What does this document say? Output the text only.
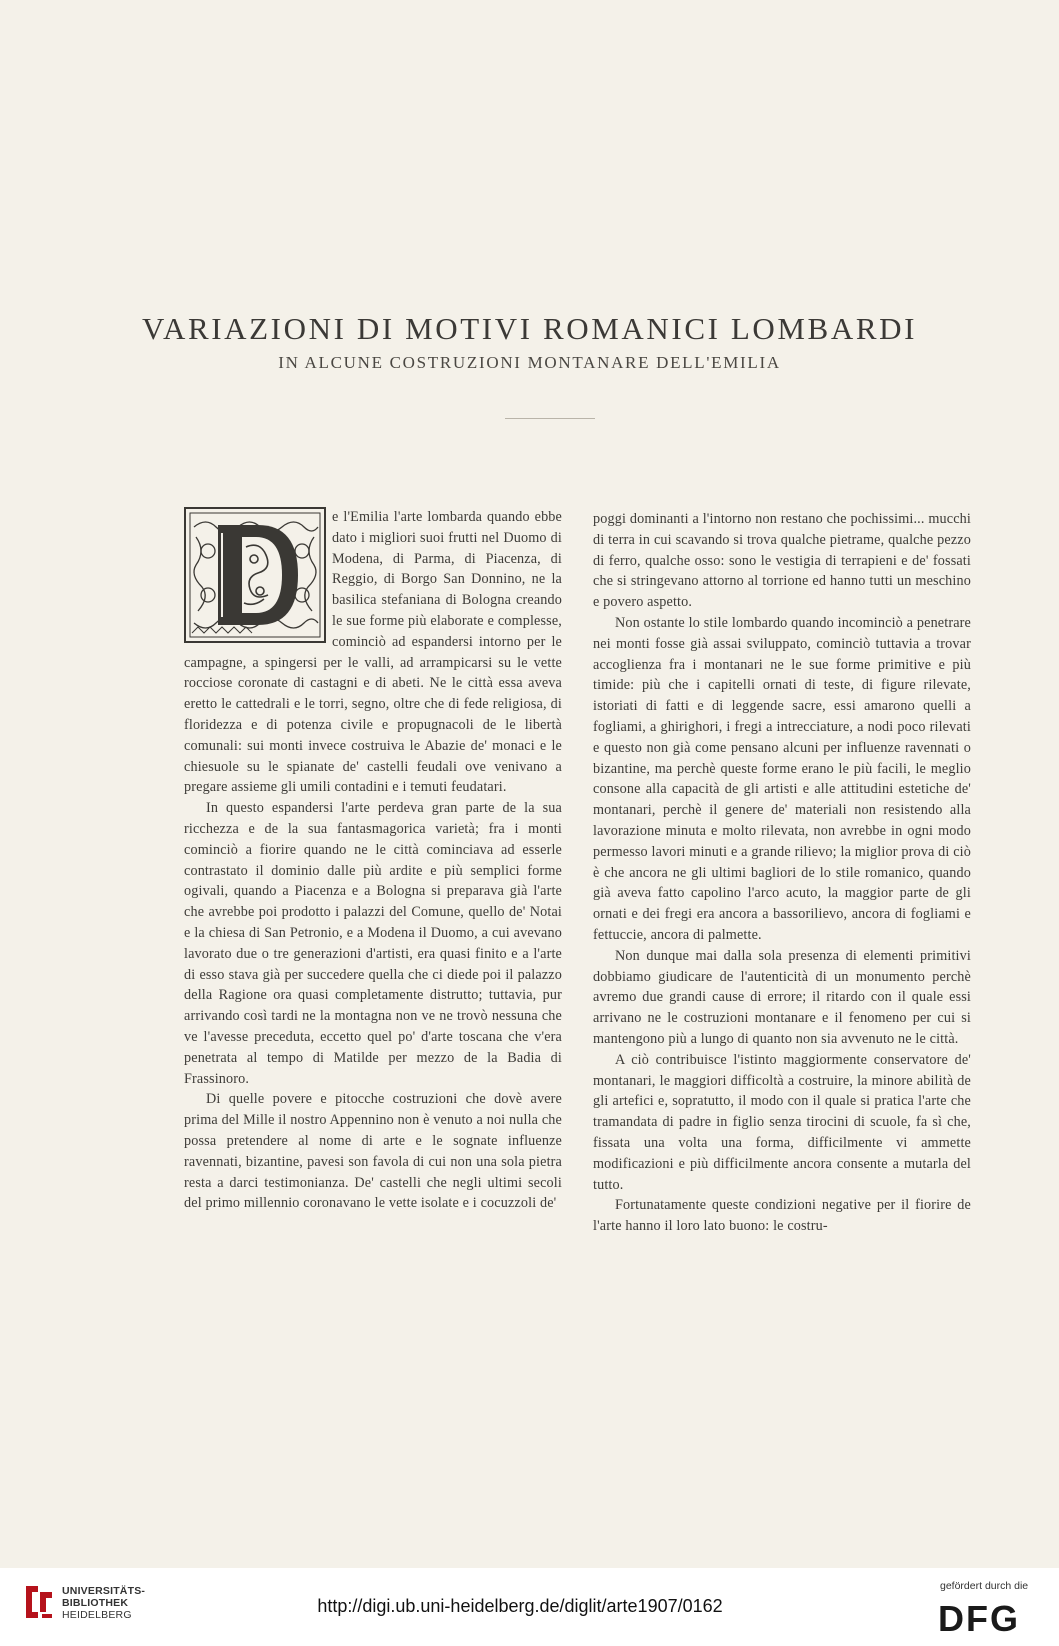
VARIAZIONI DI MOTIVI ROMANICI LOMBARDI
IN ALCUNE COSTRUZIONI MONTANARE DELL'EMILIA

e l'Emilia l'arte lombarda quando ebbe dato i migliori suoi frutti nel Duomo di Modena, di Parma, di Piacenza, di Reggio, di Borgo San Donnino, ne la basilica stefaniana di Bologna creando le sue forme più elaborate e complesse, cominciò ad espandersi intorno per le campagne, a spingersi per le valli, ad arrampicarsi su le vette rocciose coronate di castagni e di abeti. Ne le città essa aveva eretto le cattedrali e le torri, segno, oltre che di fede religiosa, di floridezza e di potenza civile e propugnacoli de le libertà comunali: sui monti invece costruiva le Abazie de' monaci e le chiesuole su le spianate de' castelli feudali ove venivano a pregare assieme gli umili contadini e i temuti feudatari.

In questo espandersi l'arte perdeva gran parte de la sua ricchezza e de la sua fantasmagorica varietà; fra i monti cominciò a fiorire quando ne le città cominciava ad esserle contrastato il dominio dalle più ardite e più semplici forme ogivali, quando a Piacenza e a Bologna si preparava già l'arte che avrebbe poi prodotto i palazzi del Comune, quello de' Notai e la chiesa di San Petronio, e a Modena il Duomo, a cui avevano lavorato due o tre generazioni d'artisti, era quasi finito e a l'arte di esso stava già per succedere quella che ci diede poi il palazzo della Ragione ora quasi completamente distrutto; tuttavia, pur arrivando così tardi ne la montagna non ve ne trovò nessuna che ve l'avesse preceduta, eccetto quel po' d'arte toscana che v'era penetrata al tempo di Matilde per mezzo de la Badia di Frassinoro.

Di quelle povere e pitocche costruzioni che dovè avere prima del Mille il nostro Appennino non è venuto a noi nulla che possa pretendere al nome di arte e le sognate influenze ravennati, bizantine, pavesi son favola di cui non una sola pietra resta a darci testimonianza. De' castelli che negli ultimi secoli del primo millennio coronavano le vette isolate e i cocuzzoli de'

poggi dominanti a l'intorno non restano che pochissimi... mucchi di terra in cui scavando si trova qualche pietrame, qualche pezzo di ferro, qualche osso: sono le vestigia di terrapieni e de' fossati che si stringevano attorno al torrione ed hanno tutti un meschino e povero aspetto.

Non ostante lo stile lombardo quando incominciò a penetrare nei monti fosse già assai sviluppato, cominciò tuttavia a trovar accoglienza fra i montanari ne le sue forme primitive e più timide: più che i capitelli ornati di teste, di figure rilevate, istoriati di fatti e di leggende sacre, essi amarono quelli a fogliami, a ghirighori, i fregi a intrecciature, a nodi poco rilevati e questo non già come pensano alcuni per influenze ravennati o bizantine, ma perchè queste forme erano le più facili, le meglio consone alla capacità de gli artisti e alle attitudini estetiche de' montanari, perchè il genere de' materiali non resistendo alla lavorazione minuta e molto rilevata, non avrebbe in ogni modo permesso lavori minuti e a grande rilievo; la miglior prova di ciò è che ancora ne gli ultimi bagliori de lo stile romanico, quando già aveva fatto capolino l'arco acuto, la maggior parte de gli ornati e dei fregi era ancora a bassorilievo, ancora di fogliami e fettuccie, ancora di palmette.

Non dunque mai dalla sola presenza di elementi primitivi dobbiamo giudicare de l'autenticità di un monumento perchè avremo due grandi cause di errore; il ritardo con il quale essi arrivano ne le costruzioni montanare e il fenomeno per cui si mantengono più a lungo di quanto non sia avvenuto ne le città.

A ciò contribuisce l'istinto maggiormente conservatore de' montanari, le maggiori difficoltà a costruire, la minore abilità de gli artefici e, sopratutto, il modo con il quale si pratica l'arte che tramandata di padre in figlio senza tirocini di scuole, fa sì che, fissata una volta una forma, difficilmente vi ammette modificazioni e più difficilmente ancora consente a mutarla del tutto.

Fortunatamente queste condizioni negative per il fiorire de l'arte hanno il loro lato buono: le costru-

UNIVERSITÄTS-
BIBLIOTHEK
HEIDELBERG	http://digi.ub.uni-heidelberg.de/diglit/arte1907/0162
gefördert durch die
DFG
